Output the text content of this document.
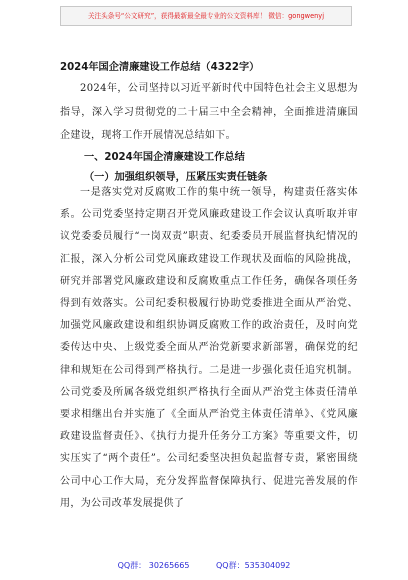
关注头条号“公文研究”，获得最新最全最专业的公文资料库！ 微信：gongwenyj
2024年国企清廉建设工作总结（4322字）
2024年，公司坚持以习近平新时代中国特色社会主义思想为指导，深入学习贯彻党的二十届三中全会精神，全面推进清廉国企建设，现将工作开展情况总结如下。
一、2024年国企清廉建设工作总结
（一）加强组织领导，压紧压实责任链条
一是落实党对反腐败工作的集中统一领导，构建责任落实体系。公司党委坚持定期召开党风廉政建设工作会议认真听取并审议党委委员履行“一岗双责”职责、纪委委员开展监督执纪情况的汇报，深入分析公司党风廉政建设工作现状及面临的风险挑战，研究并部署党风廉政建设和反腐败重点工作任务，确保各项任务得到有效落实。公司纪委积极履行协助党委推进全面从严治党、加强党风廉政建设和组织协调反腐败工作的政治责任，及时向党委传达中央、上级党委全面从严治党新要求新部署，确保党的纪律和规矩在公司得到严格执行。二是进一步强化责任追究机制。公司党委及所属各级党组织严格执行全面从严治党主体责任清单要求相继出台并实施了《全面从严治党主体责任清单》、《党风廉政建设监督责任》、《执行力提升任务分工方案》等重要文件，切实压实了“两个责任”。公司纪委坚决担负起监督专责，紧密围绕公司中心工作大局，充分发挥监督保障执行、促进完善发展的作用，为公司改革发展提供了
QQ群： 30265665	QQ群：535304092
